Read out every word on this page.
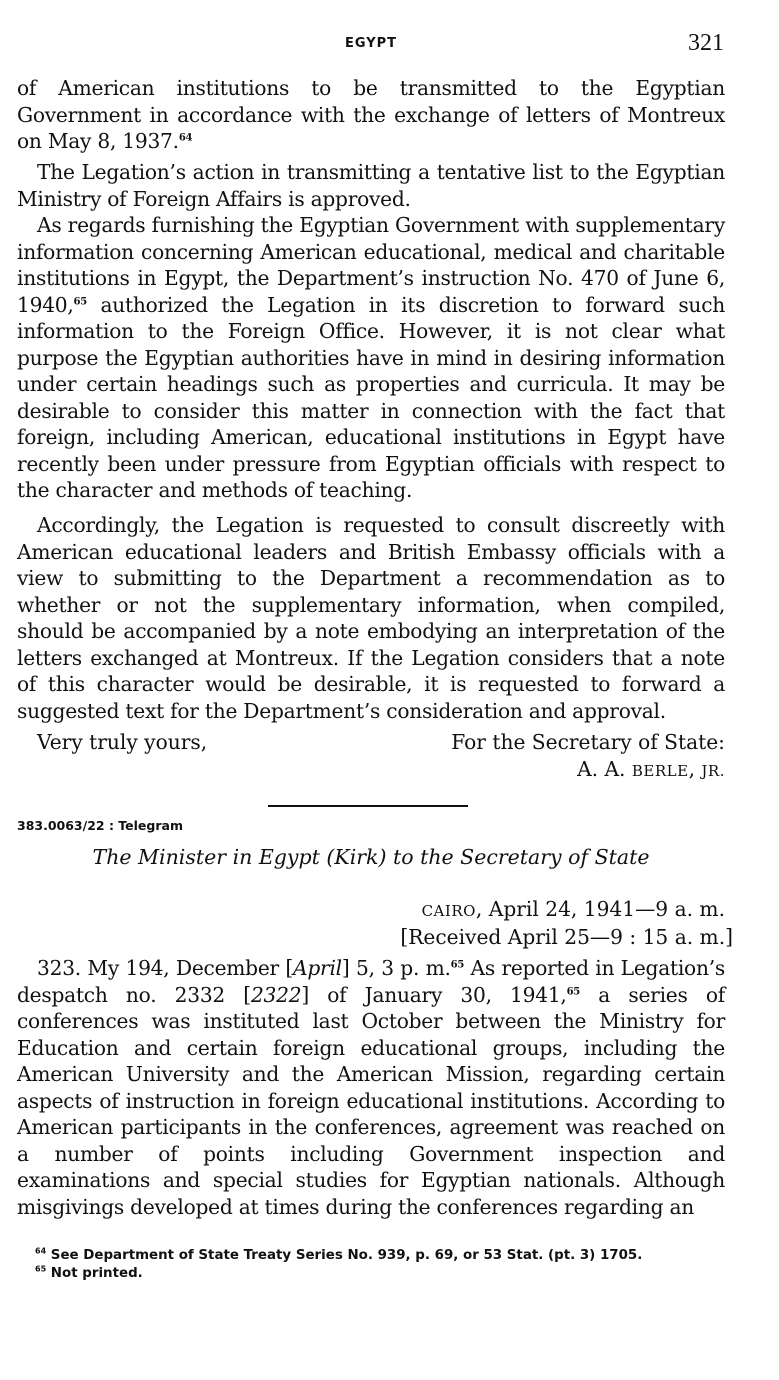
EGYPT	321

of American institutions to be transmitted to the Egyptian Government in accordance with the exchange of letters of Montreux on May 8, 1937.64

The Legation’s action in transmitting a tentative list to the Egyptian Ministry of Foreign Affairs is approved.

As regards furnishing the Egyptian Government with supplementary information concerning American educational, medical and charitable institutions in Egypt, the Department’s instruction No. 470 of June 6, 1940,65 authorized the Legation in its discretion to forward such information to the Foreign Office. However, it is not clear what purpose the Egyptian authorities have in mind in desiring information under certain headings such as properties and curricula. It may be desirable to consider this matter in connection with the fact that foreign, including American, educational institutions in Egypt have recently been under pressure from Egyptian officials with respect to the character and methods of teaching.

Accordingly, the Legation is requested to consult discreetly with American educational leaders and British Embassy officials with a view to submitting to the Department a recommendation as to whether or not the supplementary information, when compiled, should be accompanied by a note embodying an interpretation of the letters exchanged at Montreux. If the Legation considers that a note of this character would be desirable, it is requested to forward a suggested text for the Department’s consideration and approval.

Very truly yours,	For the Secretary of State:
A. A. BERLE, JR.
383.0063/22 : Telegram
The Minister in Egypt (Kirk) to the Secretary of State
CAIRO, April 24, 1941—9 a. m.
[Received April 25—9 : 15 a. m.]

323. My 194, December [April] 5, 3 p. m.$^{65}$ As reported in Legation’s despatch no. 2332 [2322] of January 30, 1941,65 a series of conferences was instituted last October between the Ministry for Education and certain foreign educational groups, including the American University and the American Mission, regarding certain aspects of instruction in foreign educational institutions. According to American participants in the conferences, agreement was reached on a number of points including Government inspection and examinations and special studies for Egyptian nationals. Although misgivings developed at times during the conferences regarding an

$^{64}$ See Department of State Treaty Series No. 939, p. 69, or 53 Stat. (pt. 3) 1705.

$^{65}$ Not printed.
